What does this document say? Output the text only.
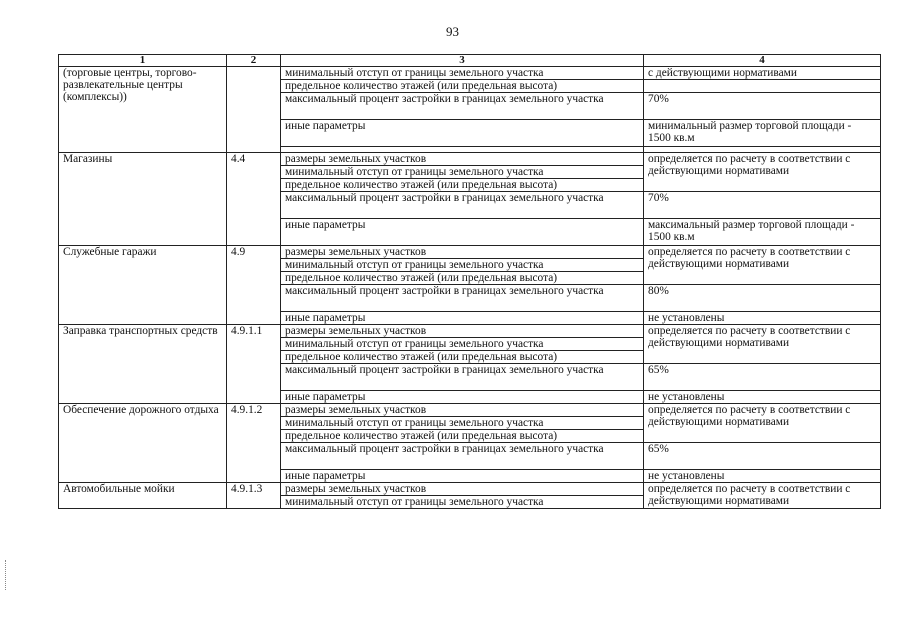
93
1	2	3	4
(торговые центры, торгово-развлекательные центры (комплексы))		минимальный отступ от границы земельного участка	с действующими нормативами
		предельное количество этажей (или предельная высота)	
		максимальный процент застройки в границах земельного участка	70%
		иные параметры	минимальный размер торговой площади - 1500 кв.м

Магазины	4.4	размеры земельных участков	определяется по расчету в соответствии с действующими нормативами
		минимальный отступ от границы земельного участка	
		предельное количество этажей (или предельная высота)	
		максимальный процент застройки в границах земельного участка	70%
		иные параметры	максимальный размер торговой площади - 1500 кв.м
Служебные гаражи	4.9	размеры земельных участков	определяется по расчету в соответствии с действующими нормативами
		минимальный отступ от границы земельного участка	
		предельное количество этажей (или предельная высота)	
		максимальный процент застройки в границах земельного участка	80%
		иные параметры	не установлены
Заправка транспортных средств	4.9.1.1	размеры земельных участков	определяется по расчету в соответствии с действующими нормативами
		минимальный отступ от границы земельного участка	
		предельное количество этажей (или предельная высота)	
		максимальный процент застройки в границах земельного участка	65%
		иные параметры	не установлены
Обеспечение дорожного отдыха	4.9.1.2	размеры земельных участков	определяется по расчету в соответствии с действующими нормативами
		минимальный отступ от границы земельного участка	
		предельное количество этажей (или предельная высота)	
		максимальный процент застройки в границах земельного участка	65%
		иные параметры	не установлены
Автомобильные мойки	4.9.1.3	размеры земельных участков	определяется по расчету в соответствии с действующими нормативами
		минимальный отступ от границы земельного участка	
